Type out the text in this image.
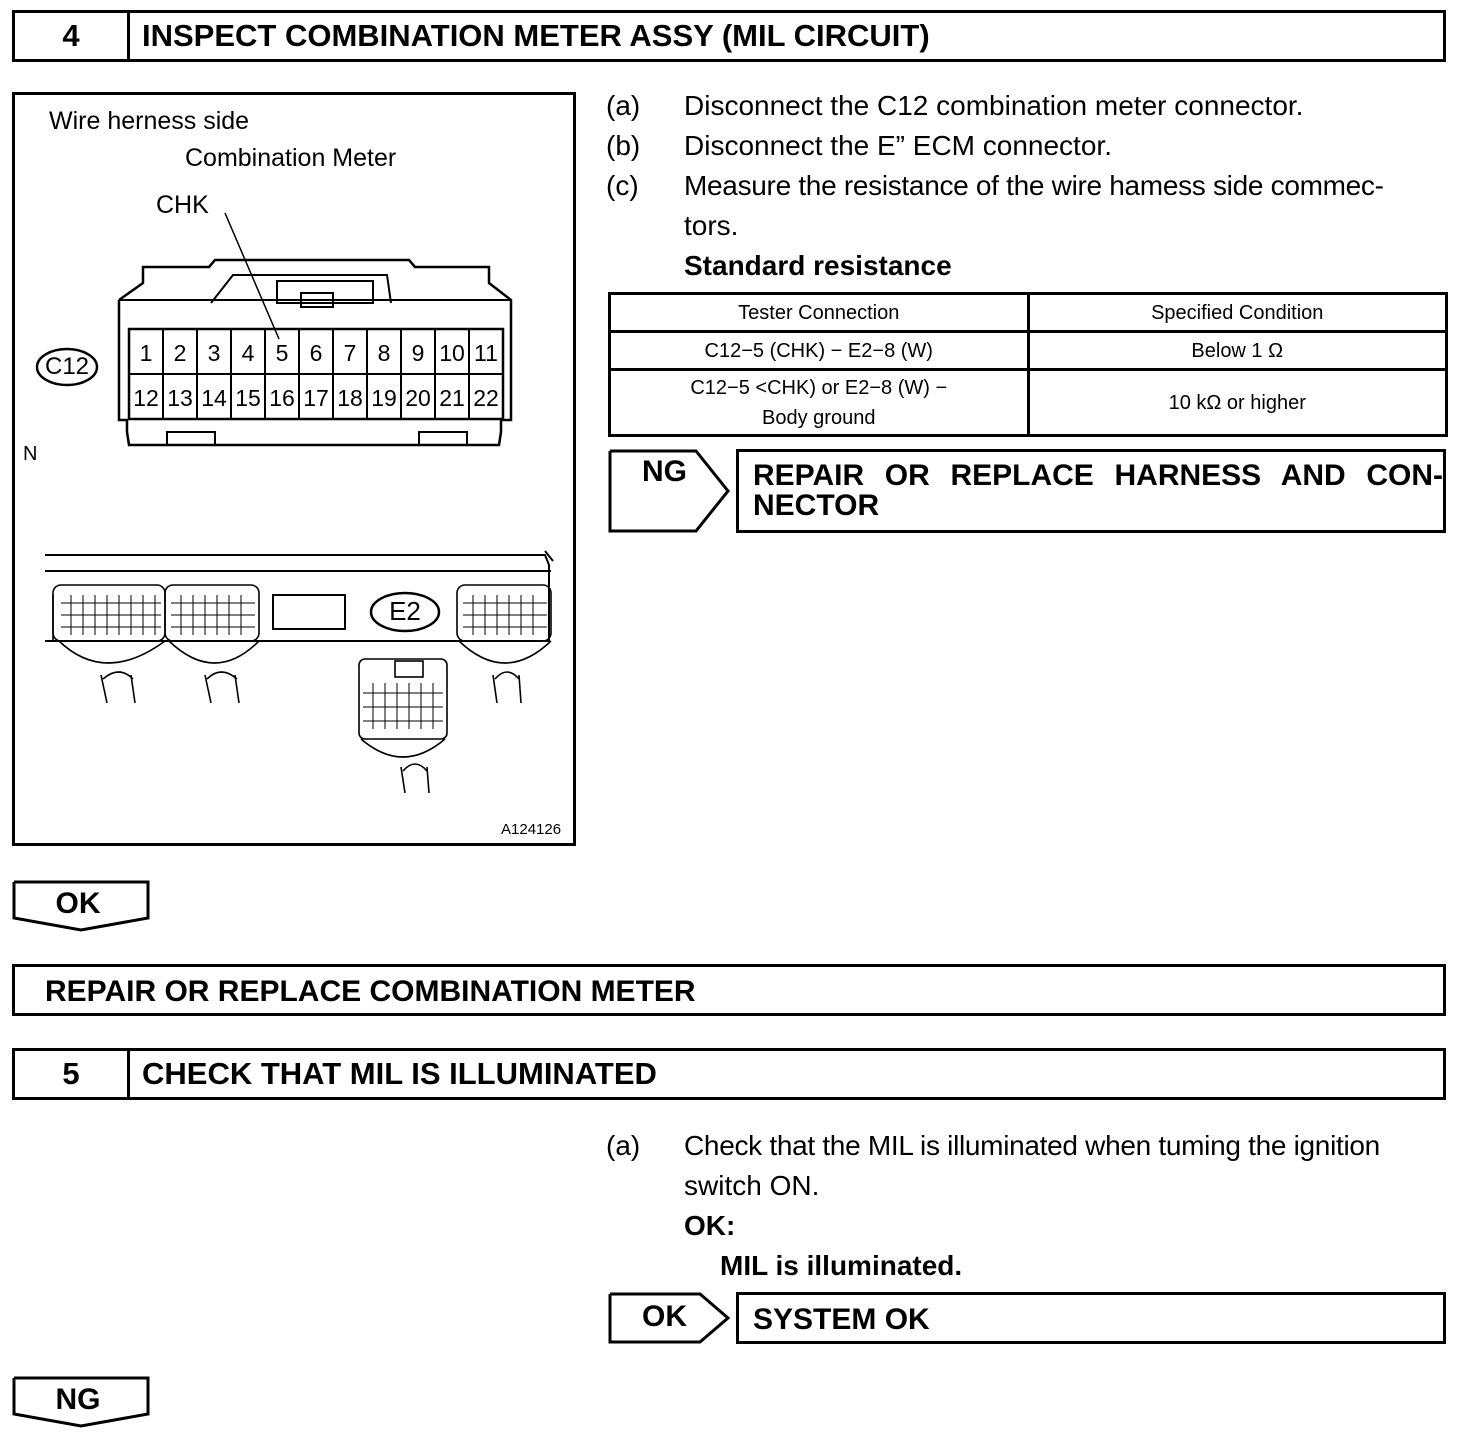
4	INSPECT COMBINATION METER ASSY (MIL CIRCUIT)
Wire herness side
Combination Meter
CHK
N
A124126
C12
E2
1 2 3 4 5 6 7 8 9 10 11
12 13 14 15 16 17 18 19 20 21 22
(a) Disconnect the C12 combination meter connector.
(b) Disconnect the E” ECM connector.
(c) Measure the resistance of the wire hamess side commec-
tors.
Standard resistance
Tester Connection	Specified Condition
C12−5 (CHK) − E2−8 (W)	Below 1 Ω
C12−5 <CHK) or E2−8 (W) − Body ground	10 kΩ or higher
NG REPAIR  OR  REPLACE  HARNESS  AND  CON-
NECTOR
OK
REPAIR OR REPLACE COMBINATION METER
5	CHECK THAT MIL IS ILLUMINATED
(a) Check that the MIL is illuminated when tuming the ignition
switch ON.
OK:
MIL is illuminated.
OK SYSTEM OK
NG
